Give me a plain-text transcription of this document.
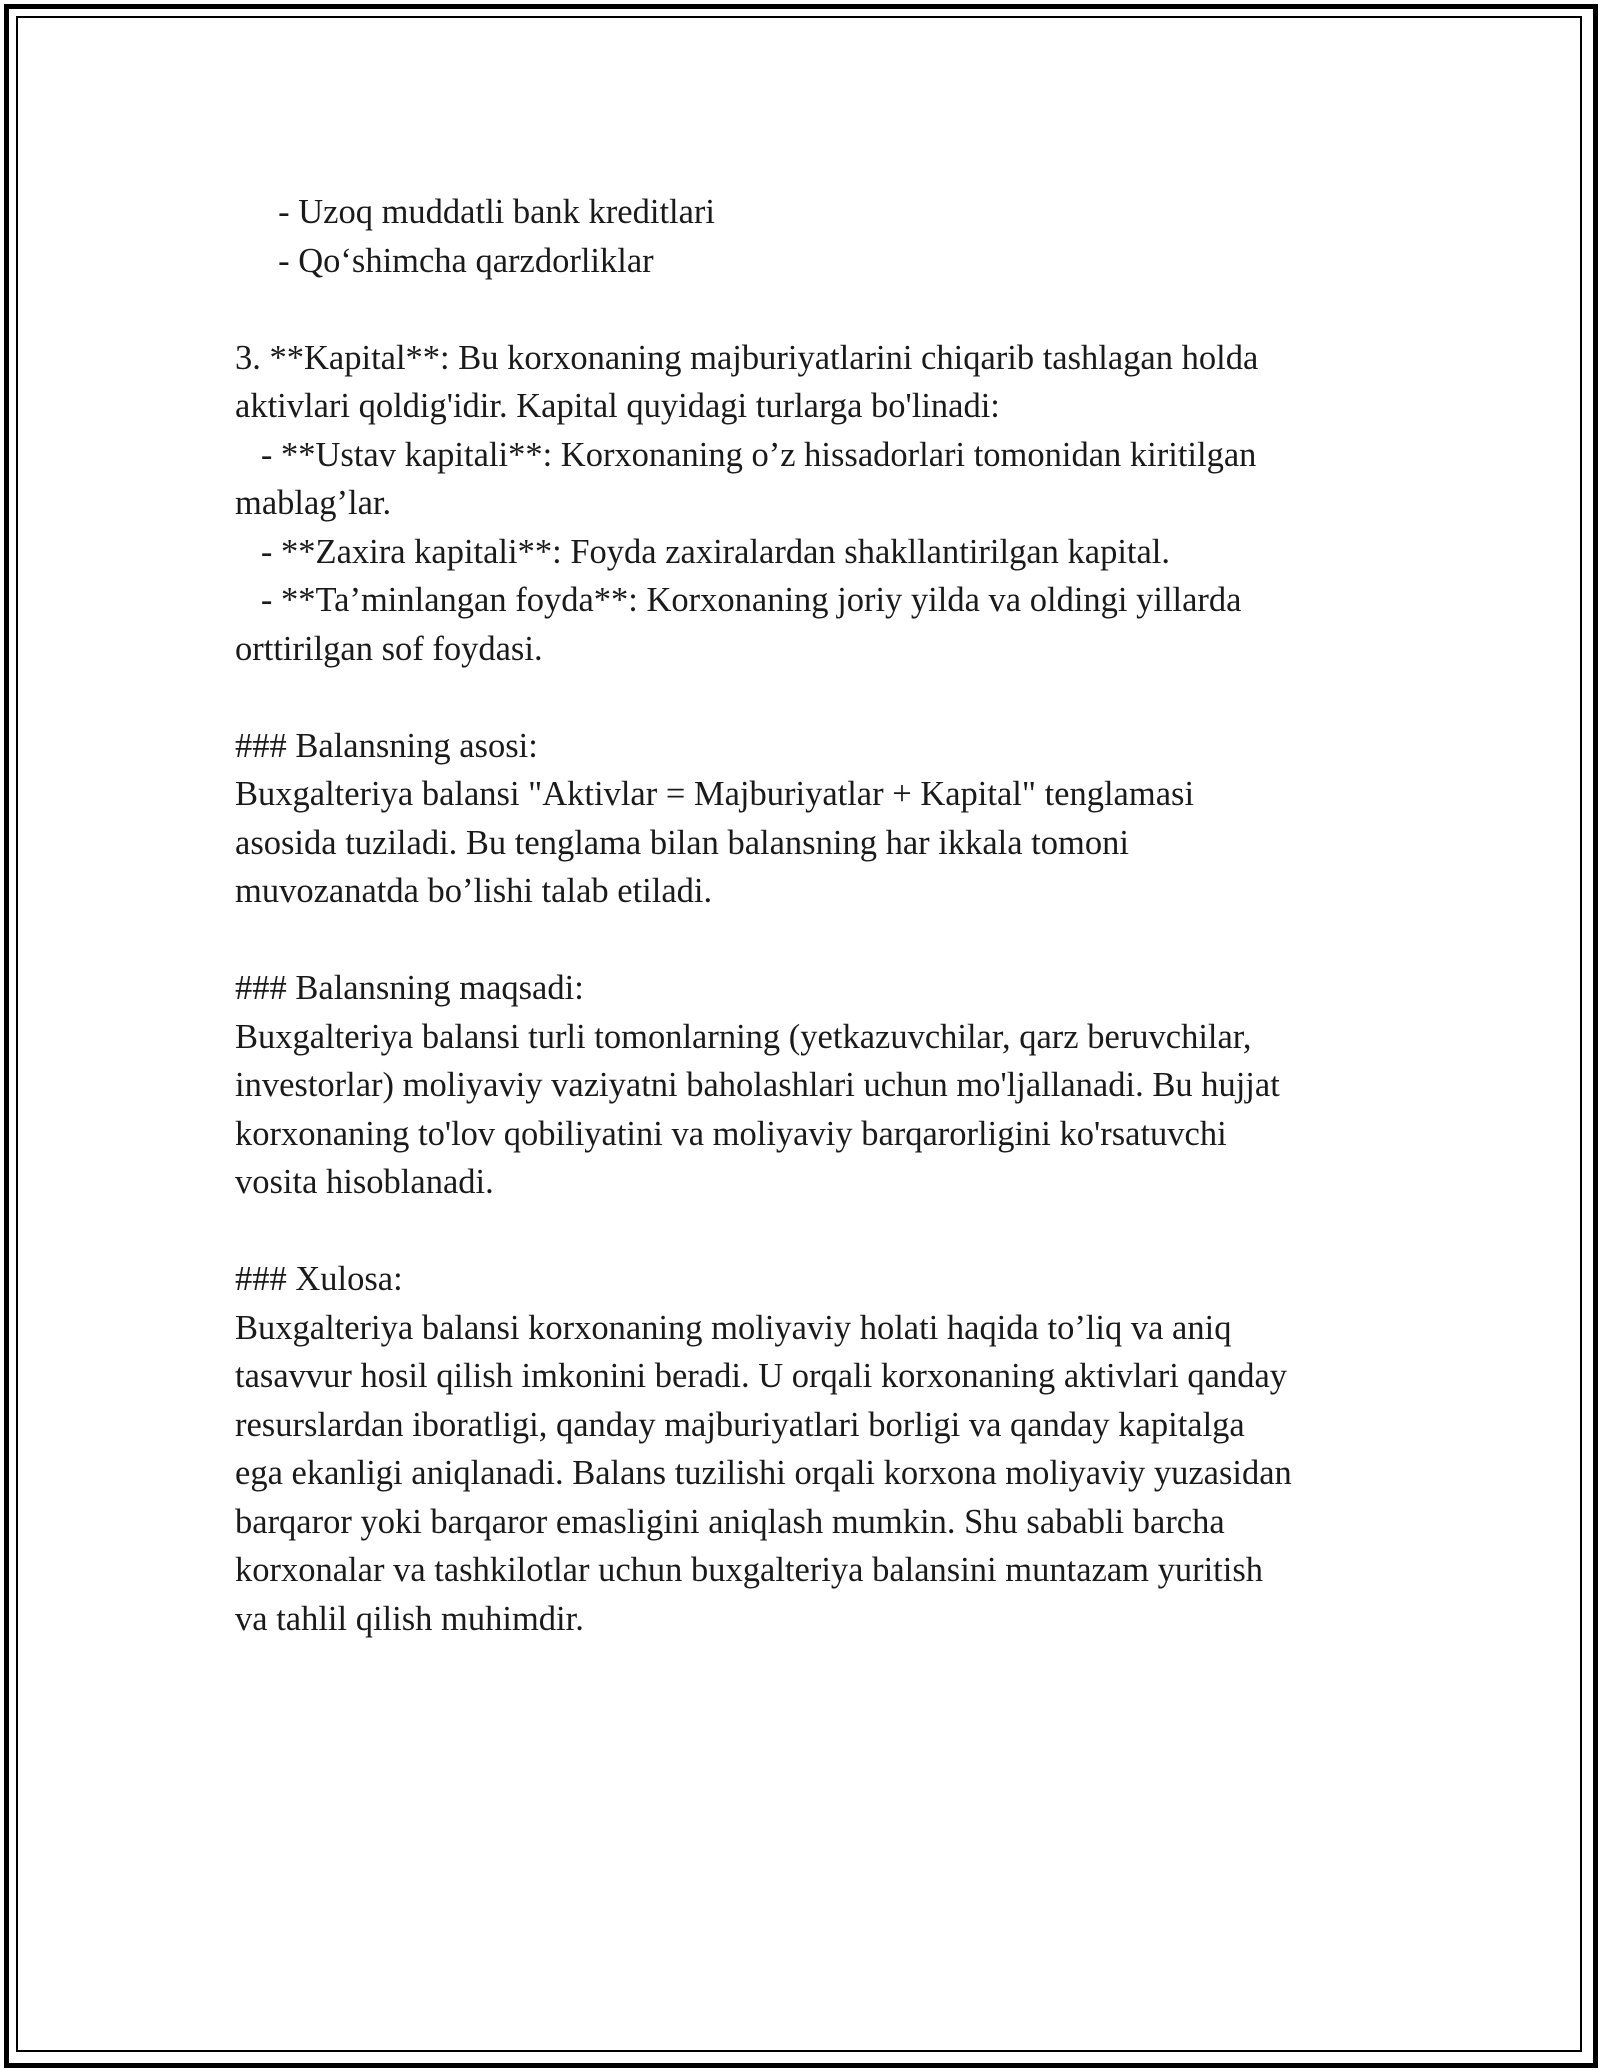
- Uzoq muddatli bank kreditlari
- Qo‘shimcha qarzdorliklar
3. **Kapital**: Bu korxonaning majburiyatlarini chiqarib tashlagan holda
aktivlari qoldig'idir. Kapital quyidagi turlarga bo'linadi:
- **Ustav kapitali**: Korxonaning o’z hissadorlari tomonidan kiritilgan
mablag’lar.
- **Zaxira kapitali**: Foyda zaxiralardan shakllantirilgan kapital.
- **Ta’minlangan foyda**: Korxonaning joriy yilda va oldingi yillarda
orttirilgan sof foydasi.
### Balansning asosi:
Buxgalteriya balansi "Aktivlar = Majburiyatlar + Kapital" tenglamasi
asosida tuziladi. Bu tenglama bilan balansning har ikkala tomoni
muvozanatda bo’lishi talab etiladi.
### Balansning maqsadi:
Buxgalteriya balansi turli tomonlarning (yetkazuvchilar, qarz beruvchilar,
investorlar) moliyaviy vaziyatni baholashlari uchun mo'ljallanadi. Bu hujjat
korxonaning to'lov qobiliyatini va moliyaviy barqarorligini ko'rsatuvchi
vosita hisoblanadi.
### Xulosa:
Buxgalteriya balansi korxonaning moliyaviy holati haqida to’liq va aniq
tasavvur hosil qilish imkonini beradi. U orqali korxonaning aktivlari qanday
resurslardan iboratligi, qanday majburiyatlari borligi va qanday kapitalga
ega ekanligi aniqlanadi. Balans tuzilishi orqali korxona moliyaviy yuzasidan
barqaror yoki barqaror emasligini aniqlash mumkin. Shu sababli barcha
korxonalar va tashkilotlar uchun buxgalteriya balansini muntazam yuritish
va tahlil qilish muhimdir.
